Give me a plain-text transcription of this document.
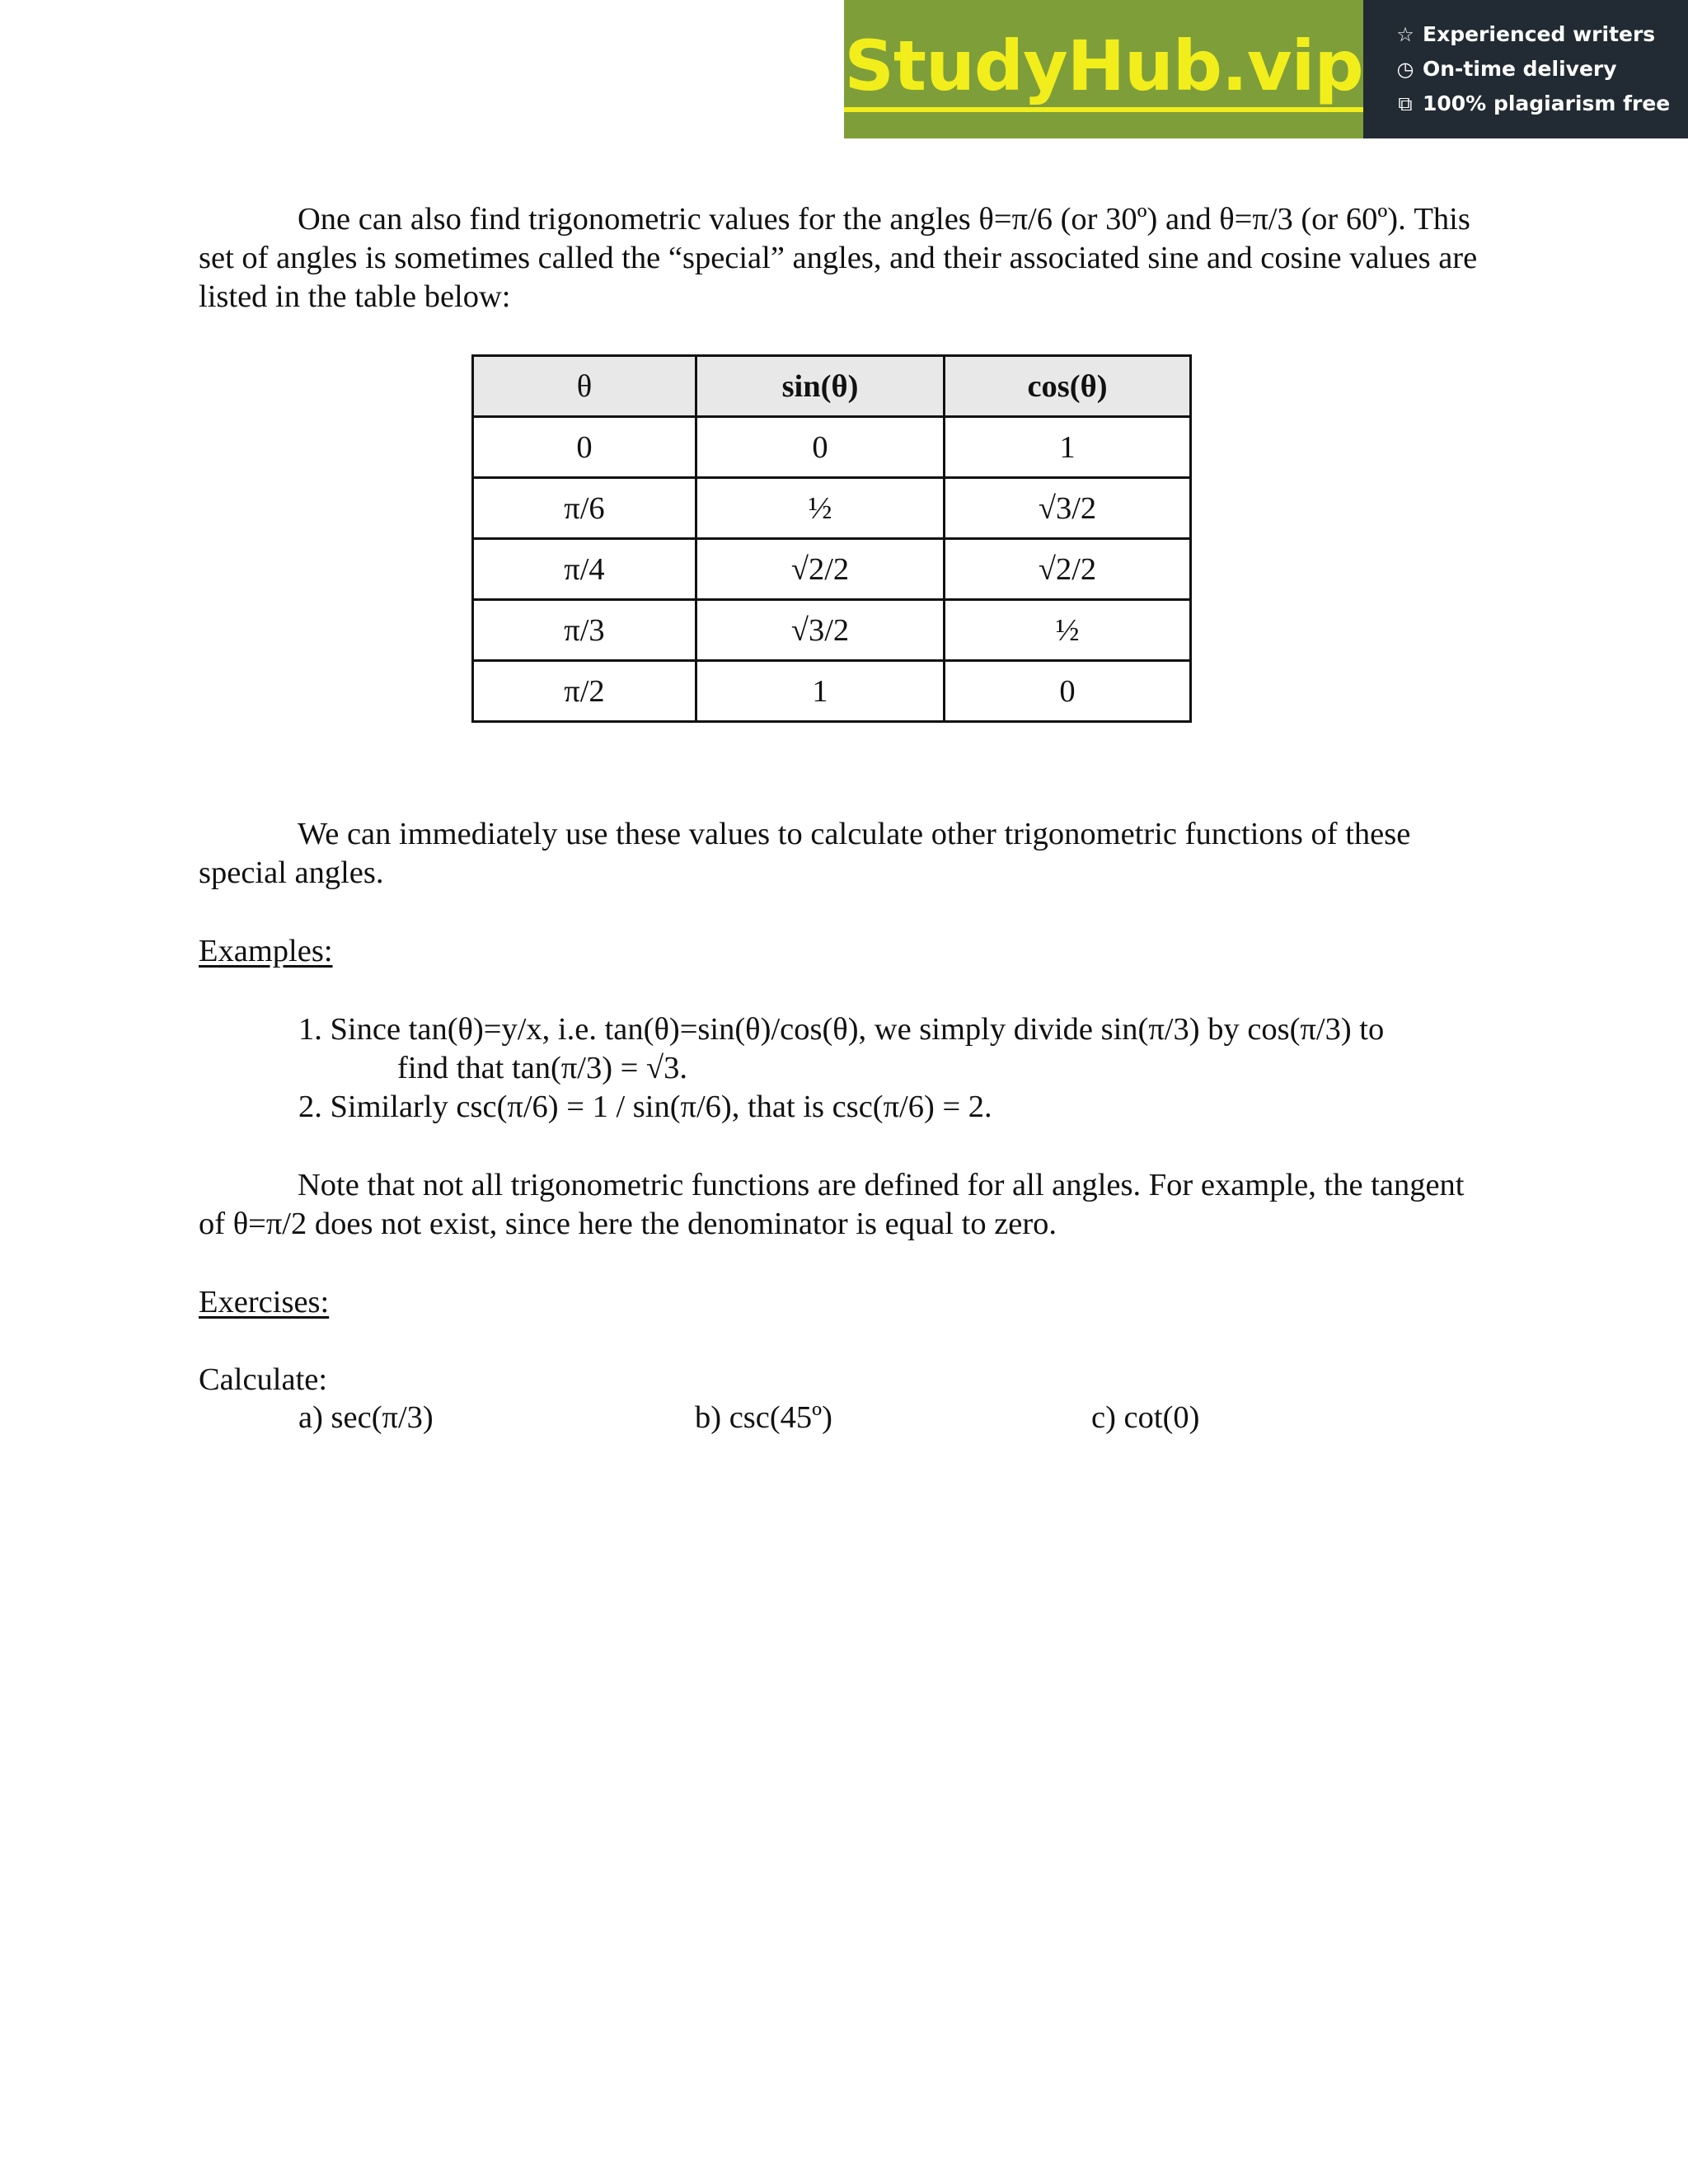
StudyHub.vip ☆ Experienced writers
◷ On-time delivery
⧉ 100% plagiarism free

One can also find trigonometric values for the angles θ=π/6 (or 30º) and θ=π/3 (or 60º). This set of angles is sometimes called the “special” angles, and their associated sine and cosine values are listed in the table below:

θ	sin(θ)	cos(θ)
0	0	1
π/6	½	√3/2
π/4	√2/2	√2/2
π/3	√3/2	½
π/2	1	0

We can immediately use these values to calculate other trigonometric functions of these special angles.

Examples:

1. Since tan(θ)=y/x, i.e. tan(θ)=sin(θ)/cos(θ), we simply divide sin(π/3) by cos(π/3) to
find that tan(π/3) = √3.
2. Similarly csc(π/6) = 1 / sin(π/6), that is csc(π/6) = 2.

Note that not all trigonometric functions are defined for all angles. For example, the tangent of θ=π/2 does not exist, since here the denominator is equal to zero.

Exercises:

Calculate:

a) sec(π/3)	b) csc(45º)	c) cot(0)
